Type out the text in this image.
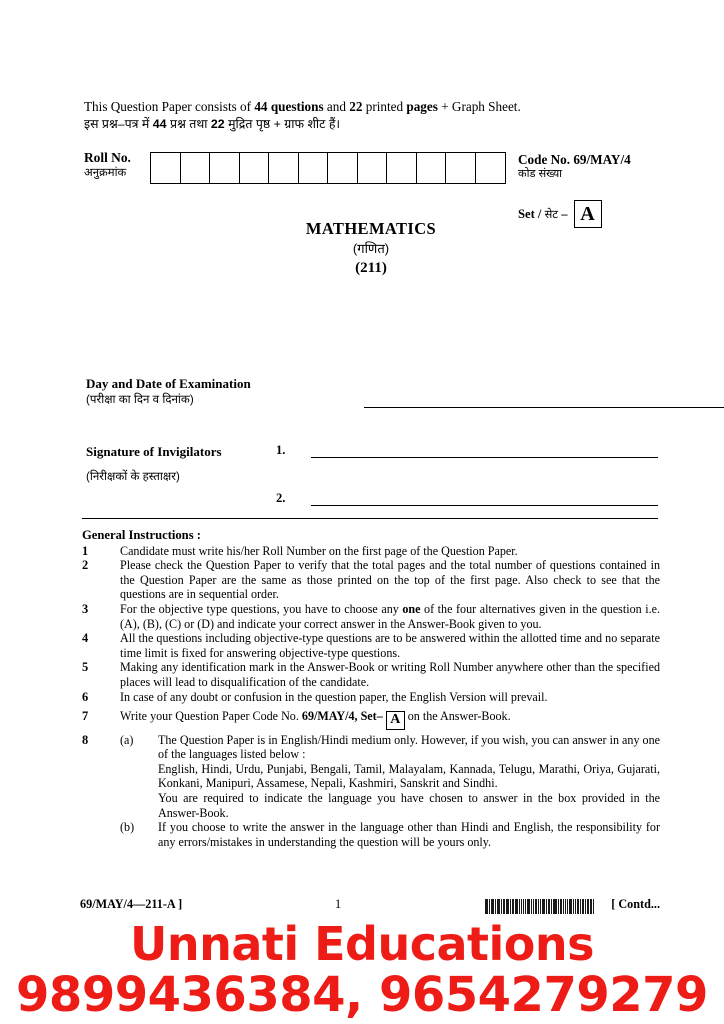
This Question Paper consists of 44 questions and 22 printed pages + Graph Sheet.
इस प्रश्न–पत्र में 44 प्रश्न तथा 22 मुद्रित पृष्ठ + ग्राफ शीट हैं।
Roll No.
अनुक्रमांक
Code No. 69/MAY/4
कोड संख्या
Set / सेट – A
MATHEMATICS
(गणित)
(211)
Day and Date of Examination
(परीक्षा का दिन व दिनांक)
Signature of Invigilators
(निरीक्षकों के हस्ताक्षर)
1.
2.
General Instructions :
1	Candidate must write his/her Roll Number on the first page of the Question Paper.
2	Please check the Question Paper to verify that the total pages and the total number of questions contained in the Question Paper are the same as those printed on the top of the first page. Also check to see that the questions are in sequential order.
3	For the objective type questions, you have to choose any one of the four alternatives given in the question i.e. (A), (B), (C) or (D) and indicate your correct answer in the Answer-Book given to you.
4	All the questions including objective-type questions are to be answered within the allotted time and no separate time limit is fixed for answering objective-type questions.
5	Making any identification mark in the Answer-Book or writing Roll Number anywhere other than the specified places will lead to disqualification of the candidate.
6	In case of any doubt or confusion in the question paper, the English Version will prevail.
7	Write your Question Paper Code No. 69/MAY/4, Set– A on the Answer-Book.
8	(a)	The Question Paper is in English/Hindi medium only. However, if you wish, you can answer in any one of the languages listed below :
English, Hindi, Urdu, Punjabi, Bengali, Tamil, Malayalam, Kannada, Telugu, Marathi, Oriya, Gujarati, Konkani, Manipuri, Assamese, Nepali, Kashmiri, Sanskrit and Sindhi.
You are required to indicate the language you have chosen to answer in the box provided in the Answer-Book.
(b)	If you choose to write the answer in the language other than Hindi and English, the responsibility for any errors/mistakes in understanding the question will be yours only.
69/MAY/4—211-A ]	1	[ Contd...
Unnati Educations
9899436384, 9654279279
